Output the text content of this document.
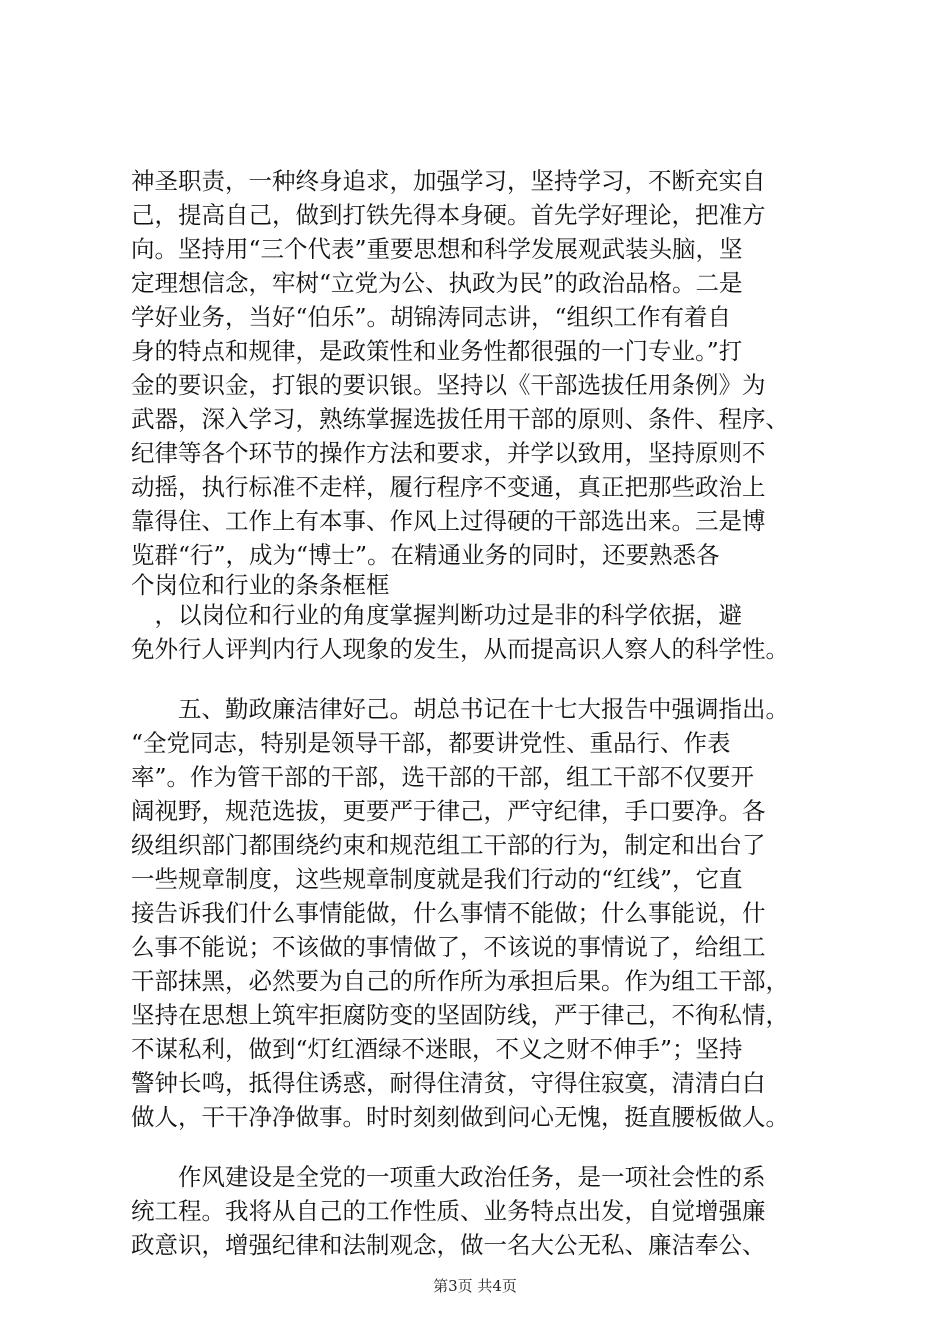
神圣职责，一种终身追求，加强学习，坚持学习，不断充实自
己，提高自己，做到打铁先得本身硬。首先学好理论，把准方
向。坚持用“三个代表”重要思想和科学发展观武装头脑，坚
定理想信念，牢树“立党为公、执政为民”的政治品格。二是
学好业务，当好“伯乐”。胡锦涛同志讲，“组织工作有着自
身的特点和规律，是政策性和业务性都很强的一门专业。”打
金的要识金，打银的要识银。坚持以《干部选拔任用条例》为
武器，深入学习，熟练掌握选拔任用干部的原则、条件、程序、
纪律等各个环节的操作方法和要求，并学以致用，坚持原则不
动摇，执行标准不走样，履行程序不变通，真正把那些政治上
靠得住、工作上有本事、作风上过得硬的干部选出来。三是博
览群“行”，成为“博士”。在精通业务的同时，还要熟悉各
个岗位和行业的条条框框
　，以岗位和行业的角度掌握判断功过是非的科学依据，避
免外行人评判内行人现象的发生，从而提高识人察人的科学性。
　　五、勤政廉洁律好己。胡总书记在十七大报告中强调指出。
“全党同志，特别是领导干部，都要讲党性、重品行、作表
率”。作为管干部的干部，选干部的干部，组工干部不仅要开
阔视野，规范选拔，更要严于律己，严守纪律，手口要净。各
级组织部门都围绕约束和规范组工干部的行为，制定和出台了
一些规章制度，这些规章制度就是我们行动的“红线”，它直
接告诉我们什么事情能做，什么事情不能做；什么事能说，什
么事不能说；不该做的事情做了，不该说的事情说了，给组工
干部抹黑，必然要为自己的所作所为承担后果。作为组工干部，
坚持在思想上筑牢拒腐防变的坚固防线，严于律己，不徇私情，
不谋私利，做到“灯红酒绿不迷眼，不义之财不伸手”；坚持
警钟长鸣，抵得住诱惑，耐得住清贫，守得住寂寞，清清白白
做人，干干净净做事。时时刻刻做到问心无愧，挺直腰板做人。
　　作风建设是全党的一项重大政治任务，是一项社会性的系
统工程。我将从自己的工作性质、业务特点出发，自觉增强廉
政意识，增强纪律和法制观念，做一名大公无私、廉洁奉公、
第3页 共4页
